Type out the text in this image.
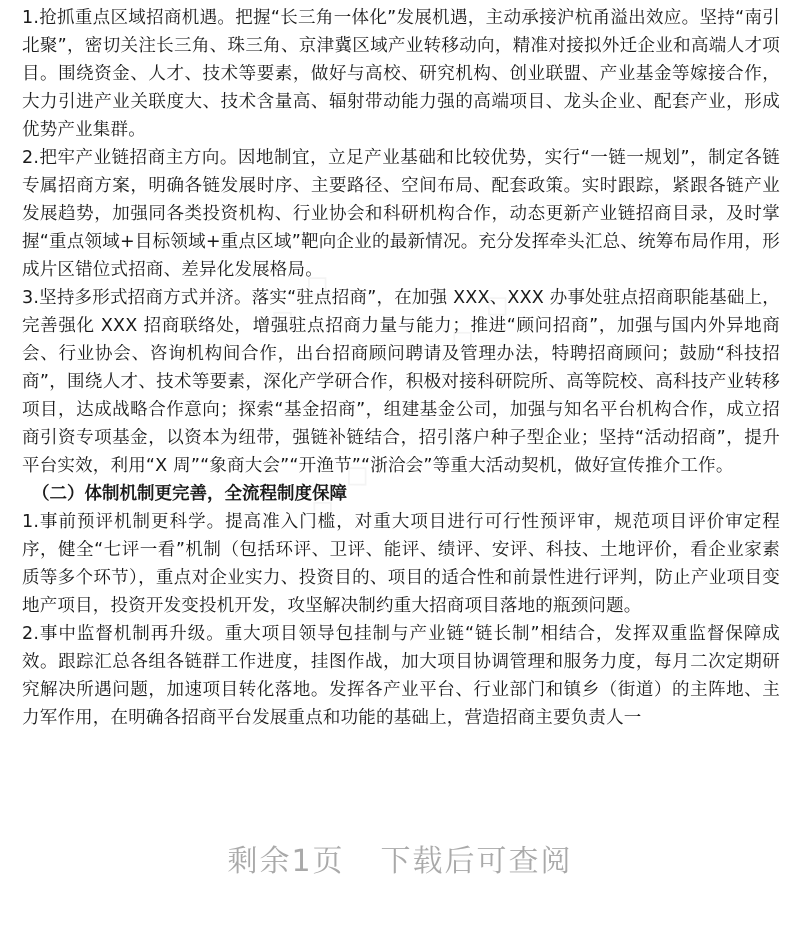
1.抢抓重点区域招商机遇。把握“长三角一体化”发展机遇，主动承接沪杭甬溢出效应。坚持“南引北聚”，密切关注长三角、珠三角、京津冀区域产业转移动向，精准对接拟外迁企业和高端人才项目。围绕资金、人才、技术等要素，做好与高校、研究机构、创业联盟、产业基金等嫁接合作，大力引进产业关联度大、技术含量高、辐射带动能力强的高端项目、龙头企业、配套产业，形成优势产业集群。

2.把牢产业链招商主方向。因地制宜，立足产业基础和比较优势，实行“一链一规划”，制定各链专属招商方案，明确各链发展时序、主要路径、空间布局、配套政策。实时跟踪，紧跟各链产业发展趋势，加强同各类投资机构、行业协会和科研机构合作，动态更新产业链招商目录，及时掌握“重点领域+目标领域+重点区域”靶向企业的最新情况。充分发挥牵头汇总、统筹布局作用，形成片区错位式招商、差异化发展格局。

3.坚持多形式招商方式并济。落实“驻点招商”，在加强 XXX、XXX 办事处驻点招商职能基础上，完善强化 XXX 招商联络处，增强驻点招商力量与能力；推进“顾问招商”，加强与国内外异地商会、行业协会、咨询机构间合作，出台招商顾问聘请及管理办法，特聘招商顾问；鼓励“科技招商”，围绕人才、技术等要素，深化产学研合作，积极对接科研院所、高等院校、高科技产业转移项目，达成战略合作意向；探索“基金招商”，组建基金公司，加强与知名平台机构合作，成立招商引资专项基金，以资本为纽带，强链补链结合，招引落户种子型企业；坚持“活动招商”，提升平台实效，利用“X 周”“象商大会”“开渔节”“浙洽会”等重大活动契机，做好宣传推介工作。

（二）体制机制更完善，全流程制度保障

1.事前预评机制更科学。提高准入门槛，对重大项目进行可行性预评审，规范项目评价审定程序，健全“七评一看”机制（包括环评、卫评、能评、绩评、安评、科技、土地评价，看企业家素质等多个环节），重点对企业实力、投资目的、项目的适合性和前景性进行评判，防止产业项目变地产项目，投资开发变投机开发，攻坚解决制约重大招商项目落地的瓶颈问题。

2.事中监督机制再升级。重大项目领导包挂制与产业链“链长制”相结合，发挥双重监督保障成效。跟踪汇总各组各链群工作进度，挂图作战，加大项目协调管理和服务力度，每月二次定期研究解决所遇问题，加速项目转化落地。发挥各产业平台、行业部门和镇乡（街道）的主阵地、主力军作用，在明确各招商平台发展重点和功能的基础上，营造招商主要负责人一

剩余1页 下载后可查阅
